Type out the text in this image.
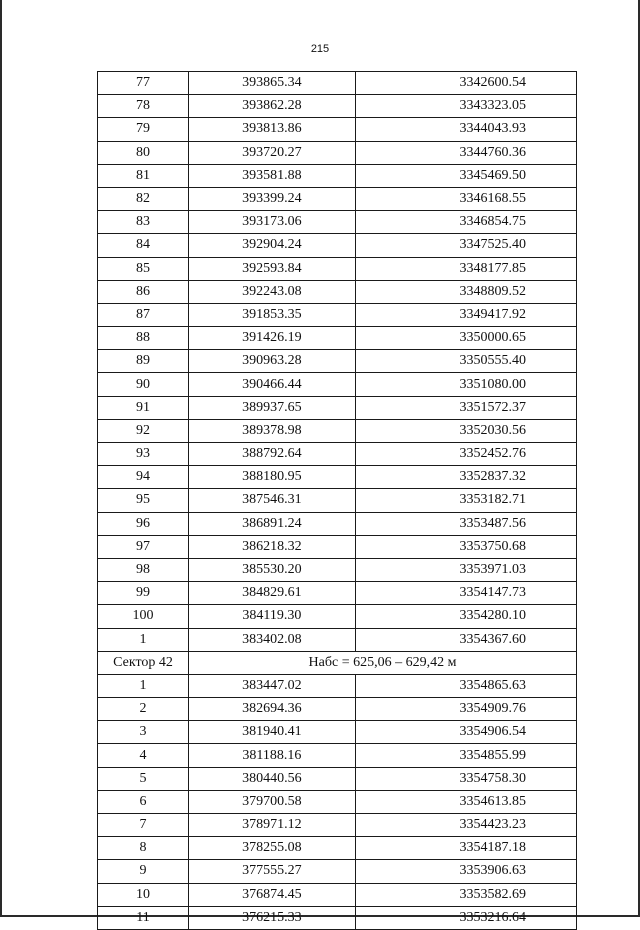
215
77	393865.34	3342600.54
78	393862.28	3343323.05
79	393813.86	3344043.93
80	393720.27	3344760.36
81	393581.88	3345469.50
82	393399.24	3346168.55
83	393173.06	3346854.75
84	392904.24	3347525.40
85	392593.84	3348177.85
86	392243.08	3348809.52
87	391853.35	3349417.92
88	391426.19	3350000.65
89	390963.28	3350555.40
90	390466.44	3351080.00
91	389937.65	3351572.37
92	389378.98	3352030.56
93	388792.64	3352452.76
94	388180.95	3352837.32
95	387546.31	3353182.71
96	386891.24	3353487.56
97	386218.32	3353750.68
98	385530.20	3353971.03
99	384829.61	3354147.73
100	384119.30	3354280.10
1	383402.08	3354367.60
Сектор 42	Набс = 625,06 – 629,42 м	
1	383447.02	3354865.63
2	382694.36	3354909.76
3	381940.41	3354906.54
4	381188.16	3354855.99
5	380440.56	3354758.30
6	379700.58	3354613.85
7	378971.12	3354423.23
8	378255.08	3354187.18
9	377555.27	3353906.63
10	376874.45	3353582.69
11	376215.33	3353216.64
